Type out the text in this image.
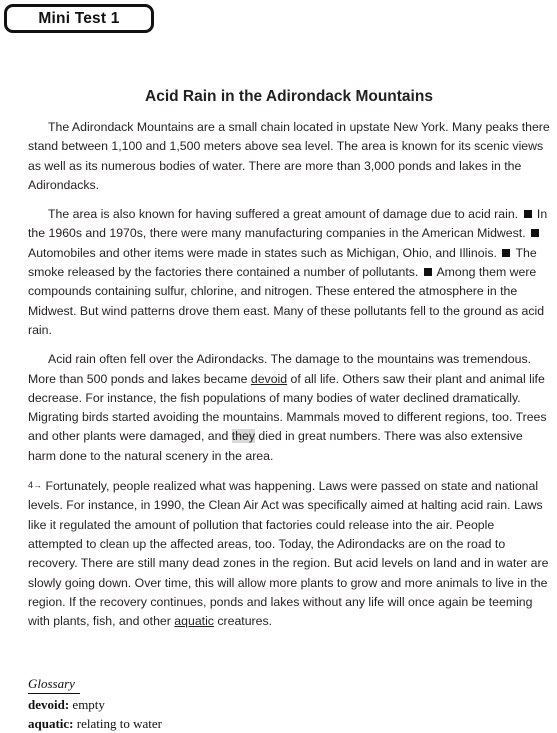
Mini Test 1
Acid Rain in the Adirondack Mountains

The Adirondack Mountains are a small chain located in upstate New York. Many peaks there stand between 1,100 and 1,500 meters above sea level. The area is known for its scenic views as well as its numerous bodies of water. There are more than 3,000 ponds and lakes in the Adirondacks.

The area is also known for having suffered a great amount of damage due to acid rain. In the 1960s and 1970s, there were many manufacturing companies in the American Midwest.  Automobiles and other items were made in states such as Michigan, Ohio, and Illinois. The smoke released by the factories there contained a number of pollutants. Among them were compounds containing sulfur, chlorine, and nitrogen. These entered the atmosphere in the Midwest. But wind patterns drove them east. Many of these pollutants fell to the ground as acid rain.

Acid rain often fell over the Adirondacks. The damage to the mountains was tremendous. More than 500 ponds and lakes became devoid of all life. Others saw their plant and animal life decrease. For instance, the fish populations of many bodies of water declined dramatically. Migrating birds started avoiding the mountains. Mammals moved to different regions, too. Trees and other plants were damaged, and they died in great numbers. There was also extensive harm done to the natural scenery in the area.

4→ Fortunately, people realized what was happening. Laws were passed on state and national levels. For instance, in 1990, the Clean Air Act was specifically aimed at halting acid rain. Laws like it regulated the amount of pollution that factories could release into the air. People attempted to clean up the affected areas, too. Today, the Adirondacks are on the road to recovery. There are still many dead zones in the region. But acid levels on land and in water are slowly going down. Over time, this will allow more plants to grow and more animals to live in the region. If the recovery continues, ponds and lakes without any life will once again be teeming with plants, fish, and other aquatic creatures.

Glossary
devoid: empty
aquatic: relating to water
